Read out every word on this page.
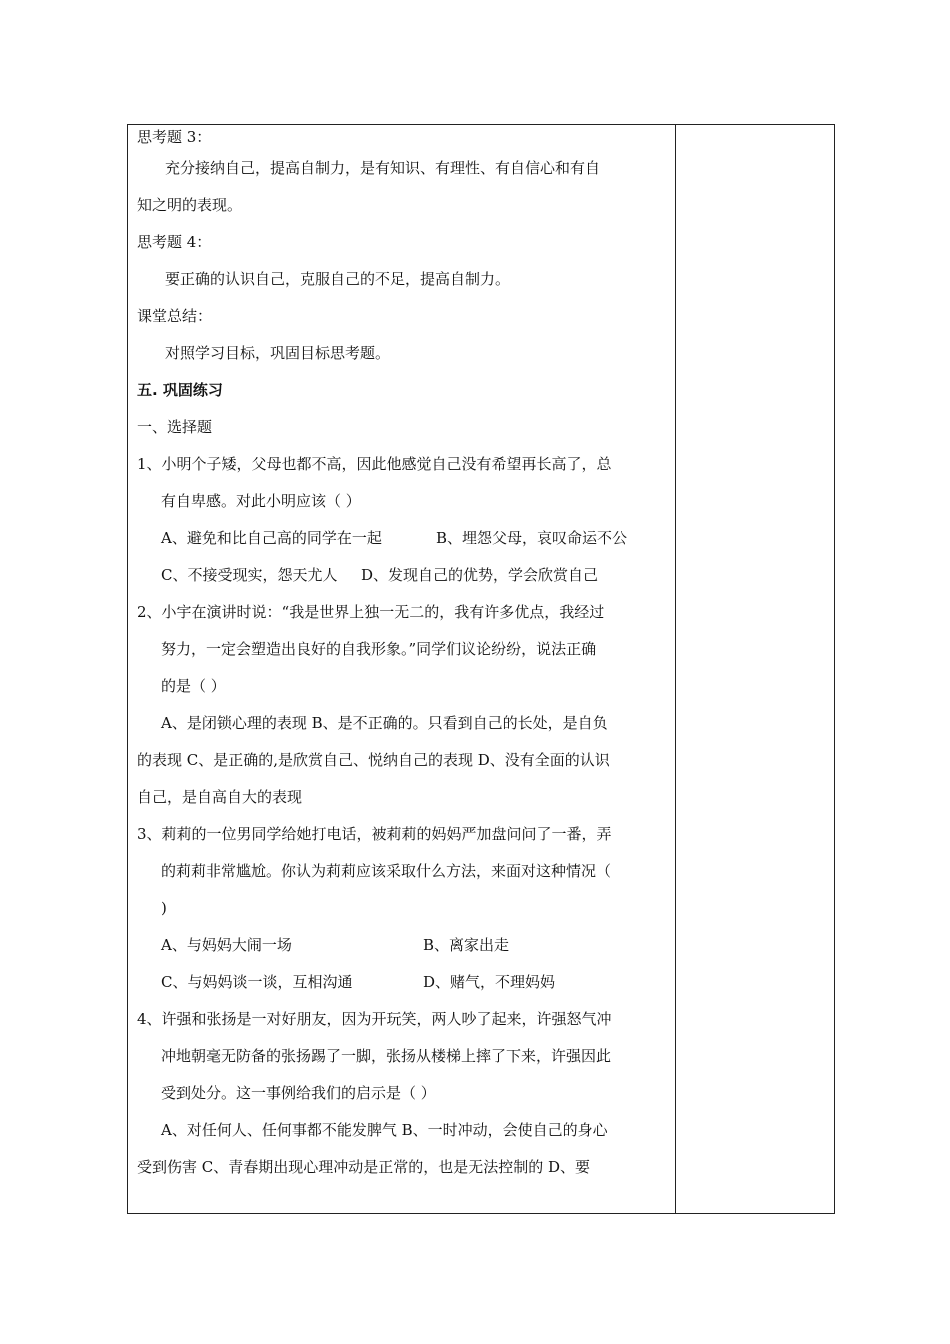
思考题 3：
充分接纳自己，提高自制力，是有知识、有理性、有自信心和有自
知之明的表现。
思考题 4：
要正确的认识自己，克服自己的不足，提高自制力。
课堂总结：
对照学习目标，巩固目标思考题。
五. 巩固练习
一、选择题
1、小明个子矮，父母也都不高，因此他感觉自己没有希望再长高了，总
有自卑感。对此小明应该（ ）
A、避免和比自己高的同学在一起	B、埋怨父母，哀叹命运不公
C、不接受现实，怨天尤人	D、发现自己的优势，学会欣赏自己
2、小宇在演讲时说：“我是世界上独一无二的，我有许多优点，我经过
努力，一定会塑造出良好的自我形象。”同学们议论纷纷，说法正确
的是（ ）
A、是闭锁心理的表现 B、是不正确的。只看到自己的长处，是自负
的表现 C、是正确的,是欣赏自己、悦纳自己的表现 D、没有全面的认识
自己，是自高自大的表现
3、莉莉的一位男同学给她打电话，被莉莉的妈妈严加盘问问了一番，弄
的莉莉非常尴尬。你认为莉莉应该采取什么方法，来面对这种情况（
)
A、与妈妈大闹一场	B、离家出走
C、与妈妈谈一谈，互相沟通	D、赌气，不理妈妈
4、许强和张扬是一对好朋友，因为开玩笑，两人吵了起来，许强怒气冲
冲地朝毫无防备的张扬踢了一脚，张扬从楼梯上摔了下来，许强因此
受到处分。这一事例给我们的启示是（ ）
A、对任何人、任何事都不能发脾气 B、一时冲动，会使自己的身心
受到伤害 C、青春期出现心理冲动是正常的，也是无法控制的 D、要
